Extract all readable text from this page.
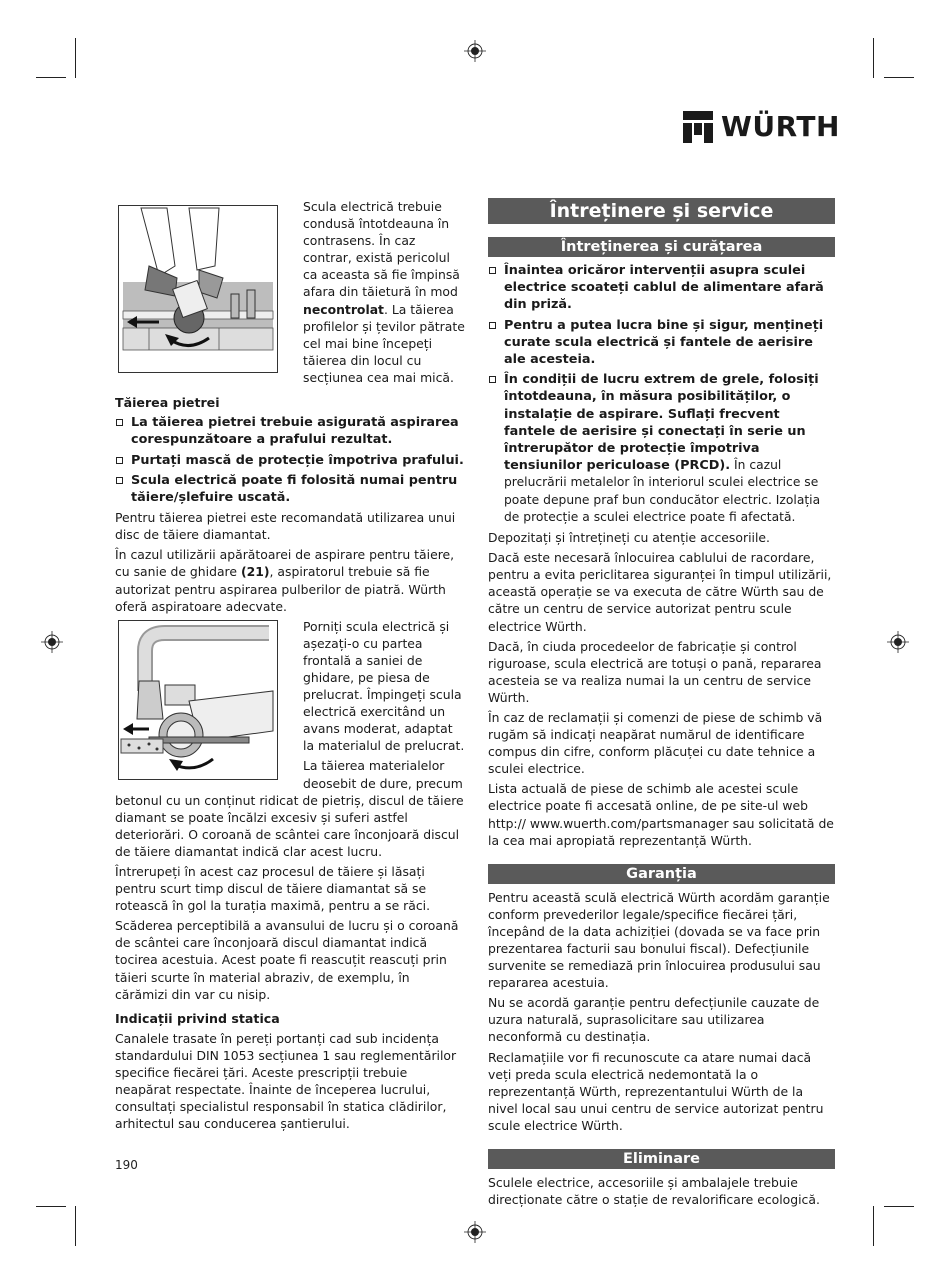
WÜRTH

Scula electrică trebuie condusă întotdeauna în contrasens. În caz contrar, există pericolul ca aceasta să fie împinsă afara din tăietură în mod necontrolat. La tăierea profilelor și țevilor pătrate cel mai bine începeți tăierea din locul cu secțiunea cea mai mică.

Tăierea pietrei
La tăierea pietrei trebuie asigurată aspirarea corespunzătoare a prafului rezultat.
Purtați mască de protecție împotriva prafului.
Scula electrică poate fi folosită numai pentru tăiere/șlefuire uscată.

Pentru tăierea pietrei este recomandată utilizarea unui disc de tăiere diamantat.

În cazul utilizării apărătoarei de aspirare pentru tăiere, cu sanie de ghidare (21), aspiratorul trebuie să fie autorizat pentru aspirarea pulberilor de piatră. Würth oferă aspiratoare adecvate.

Porniți scula electrică și așezați-o cu partea frontală a saniei de ghidare, pe piesa de prelucrat. Împingeți scula electrică exercitând un avans moderat, adaptat la materialul de prelucrat.

La tăierea materialelor deosebit de dure, precum betonul cu un conținut ridicat de pietriș, discul de tăiere diamant se poate încălzi excesiv și suferi astfel deteriorări. O coroană de scântei care înconjoară discul de tăiere diamantat indică clar acest lucru.

Întrerupeți în acest caz procesul de tăiere și lăsați pentru scurt timp discul de tăiere diamantat să se rotească în gol la turația maximă, pentru a se răci.

Scăderea perceptibilă a avansului de lucru și o coroană de scântei care înconjoară discul diamantat indică tocirea acestuia. Acest poate fi reascuțit reascuți prin tăieri scurte în material abraziv, de exemplu, în cărămizi din var cu nisip.

Indicații privind statica

Canalele trasate în pereți portanți cad sub incidența standardului DIN 1053 secțiunea 1 sau reglementărilor specifice fiecărei țări. Aceste prescripții trebuie neapărat respectate. Înainte de începerea lucrului, consultați specialistul responsabil în statica clădirilor, arhitectul sau conducerea șantierului.

Întreținere și service
Întreținerea și curățarea
Înaintea oricăror intervenții asupra sculei electrice scoateți cablul de alimentare afară din priză.
Pentru a putea lucra bine și sigur, mențineți curate scula electrică și fantele de aerisire ale acesteia.
În condiții de lucru extrem de grele, folosiți întotdeauna, în măsura posibilităților, o instalație de aspirare. Suflați frecvent fantele de aerisire și conectați în serie un întrerupător de protecție împotriva tensiunilor periculoase (PRCD). În cazul prelucrării metalelor în interiorul sculei electrice se poate depune praf bun conducător electric. Izolația de protecție a sculei electrice poate fi afectată.

Depozitați și întrețineți cu atenție accesoriile.

Dacă este necesară înlocuirea cablului de racordare, pentru a evita periclitarea siguranței în timpul utilizării, această operație se va executa de către Würth sau de către un centru de service autorizat pentru scule electrice Würth.

Dacă, în ciuda procedeelor de fabricație și control riguroase, scula electrică are totuși o pană, repararea acesteia se va realiza numai la un centru de service Würth.

În caz de reclamații și comenzi de piese de schimb vă rugăm să indicați neapărat numărul de identificare compus din cifre, conform plăcuței cu date tehnice a sculei electrice.

Lista actuală de piese de schimb ale acestei scule electrice poate fi accesată online, de pe site-ul web http:// www.wuerth.com/partsmanager sau solicitată de la cea mai apropiată reprezentanță Würth.

Garanția

Pentru această sculă electrică Würth acordăm garanție conform prevederilor legale/specifice fiecărei țări, începând de la data achiziției (dovada se va face prin prezentarea facturii sau bonului fiscal). Defecțiunile survenite se remediază prin înlocuirea produsului sau repararea acestuia.

Nu se acordă garanție pentru defecțiunile cauzate de uzura naturală, suprasolicitare sau utilizarea neconformă cu destinația.

Reclamațiile vor fi recunoscute ca atare numai dacă veți preda scula electrică nedemontată la o reprezentanță Würth, reprezentantului Würth de la nivel local sau unui centru de service autorizat pentru scule electrice Würth.

Eliminare

Sculele electrice, accesoriile și ambalajele trebuie direcționate către o stație de revalorificare ecologică.

190
